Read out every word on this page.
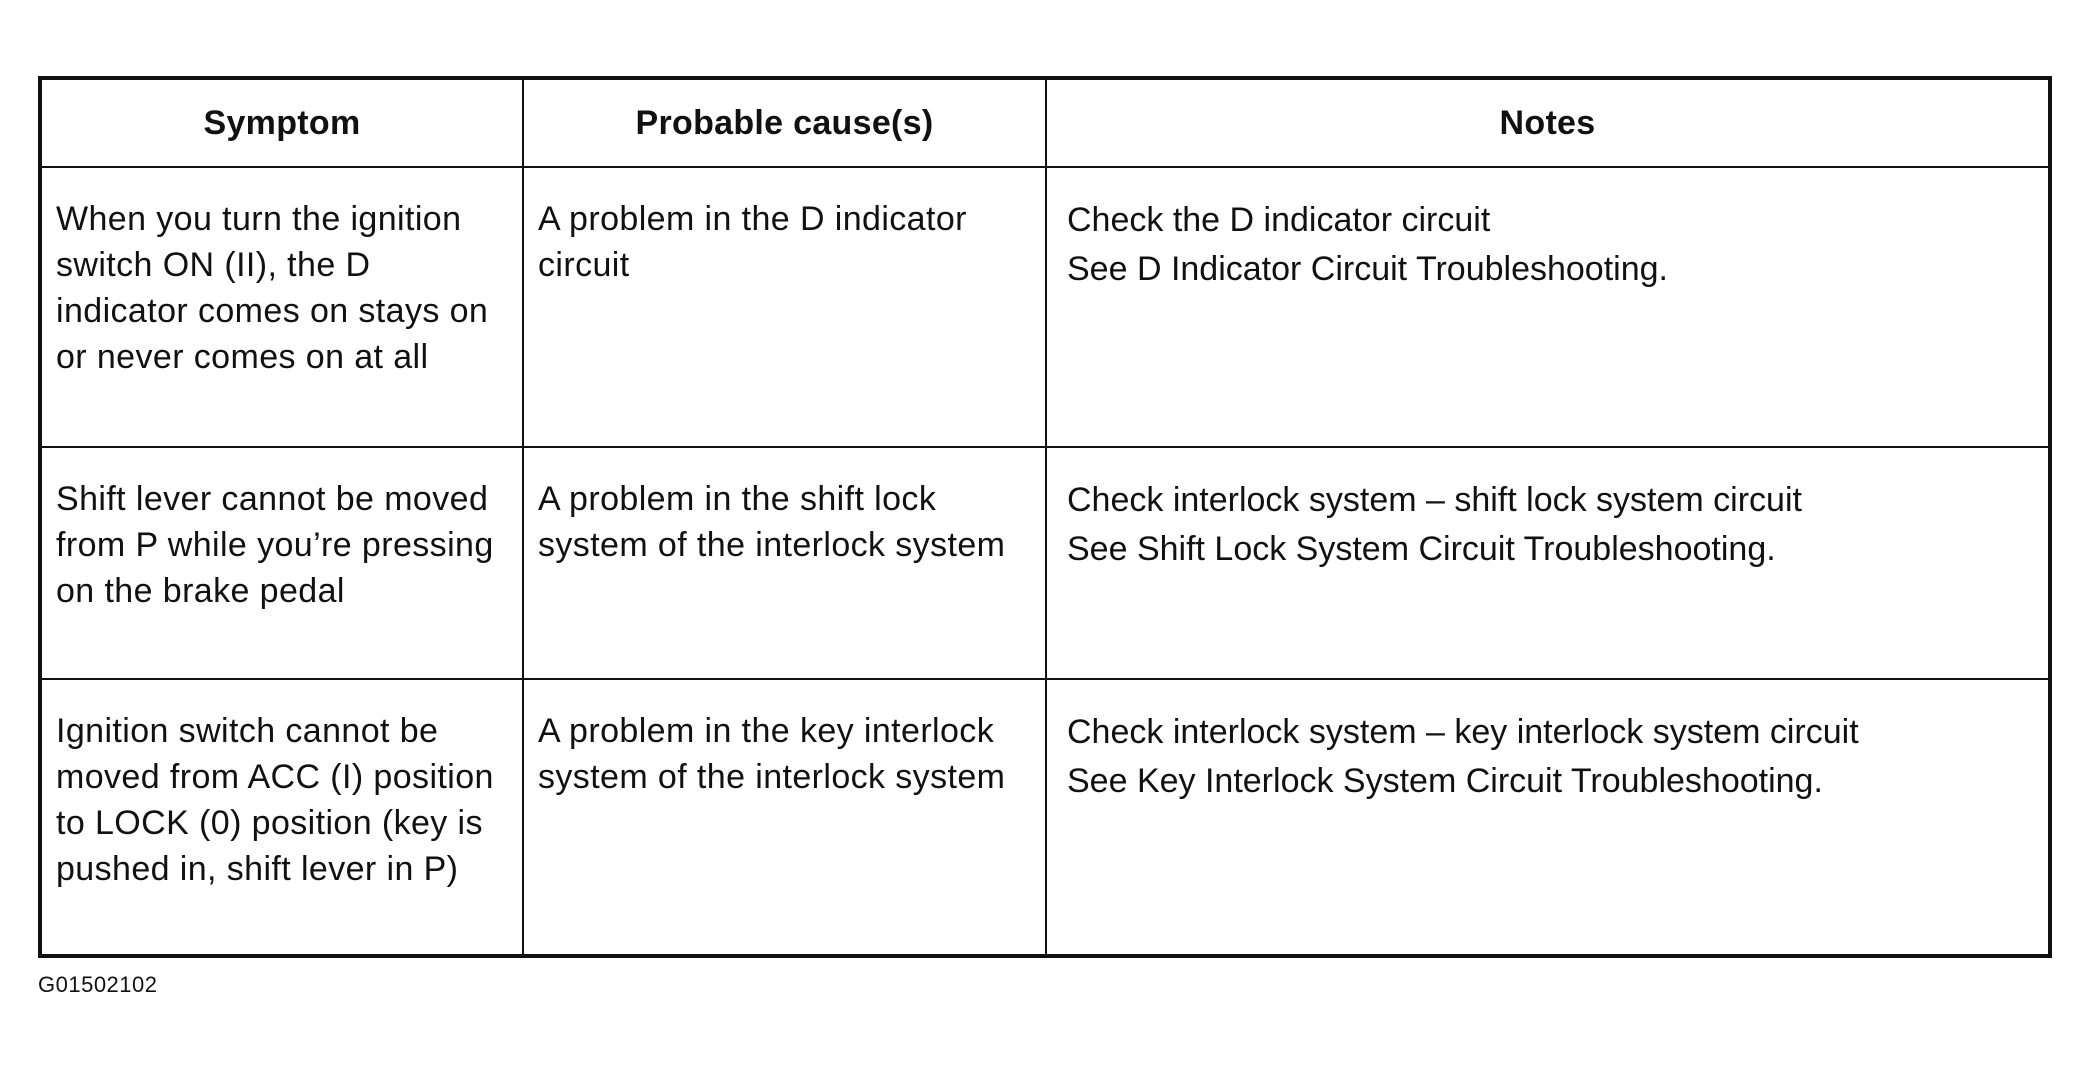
Symptom	Probable cause(s)	Notes
When you turn the ignition switch ON (II), the D indicator comes on stays on or never comes on at all	A problem in the D indicator circuit	Check the D indicator circuit
See D Indicator Circuit Troubleshooting.

Shift lever cannot be moved from P while you’re pressing on the brake pedal	A problem in the shift lock system of the interlock system	Check interlock system – shift lock system circuit
See Shift Lock System Circuit Troubleshooting.

Ignition switch cannot be moved from ACC (I) position to LOCK (0) position (key is pushed in, shift lever in P)	A problem in the key interlock system of the interlock system	Check interlock system – key interlock system circuit
See Key Interlock System Circuit Troubleshooting.
G01502102
